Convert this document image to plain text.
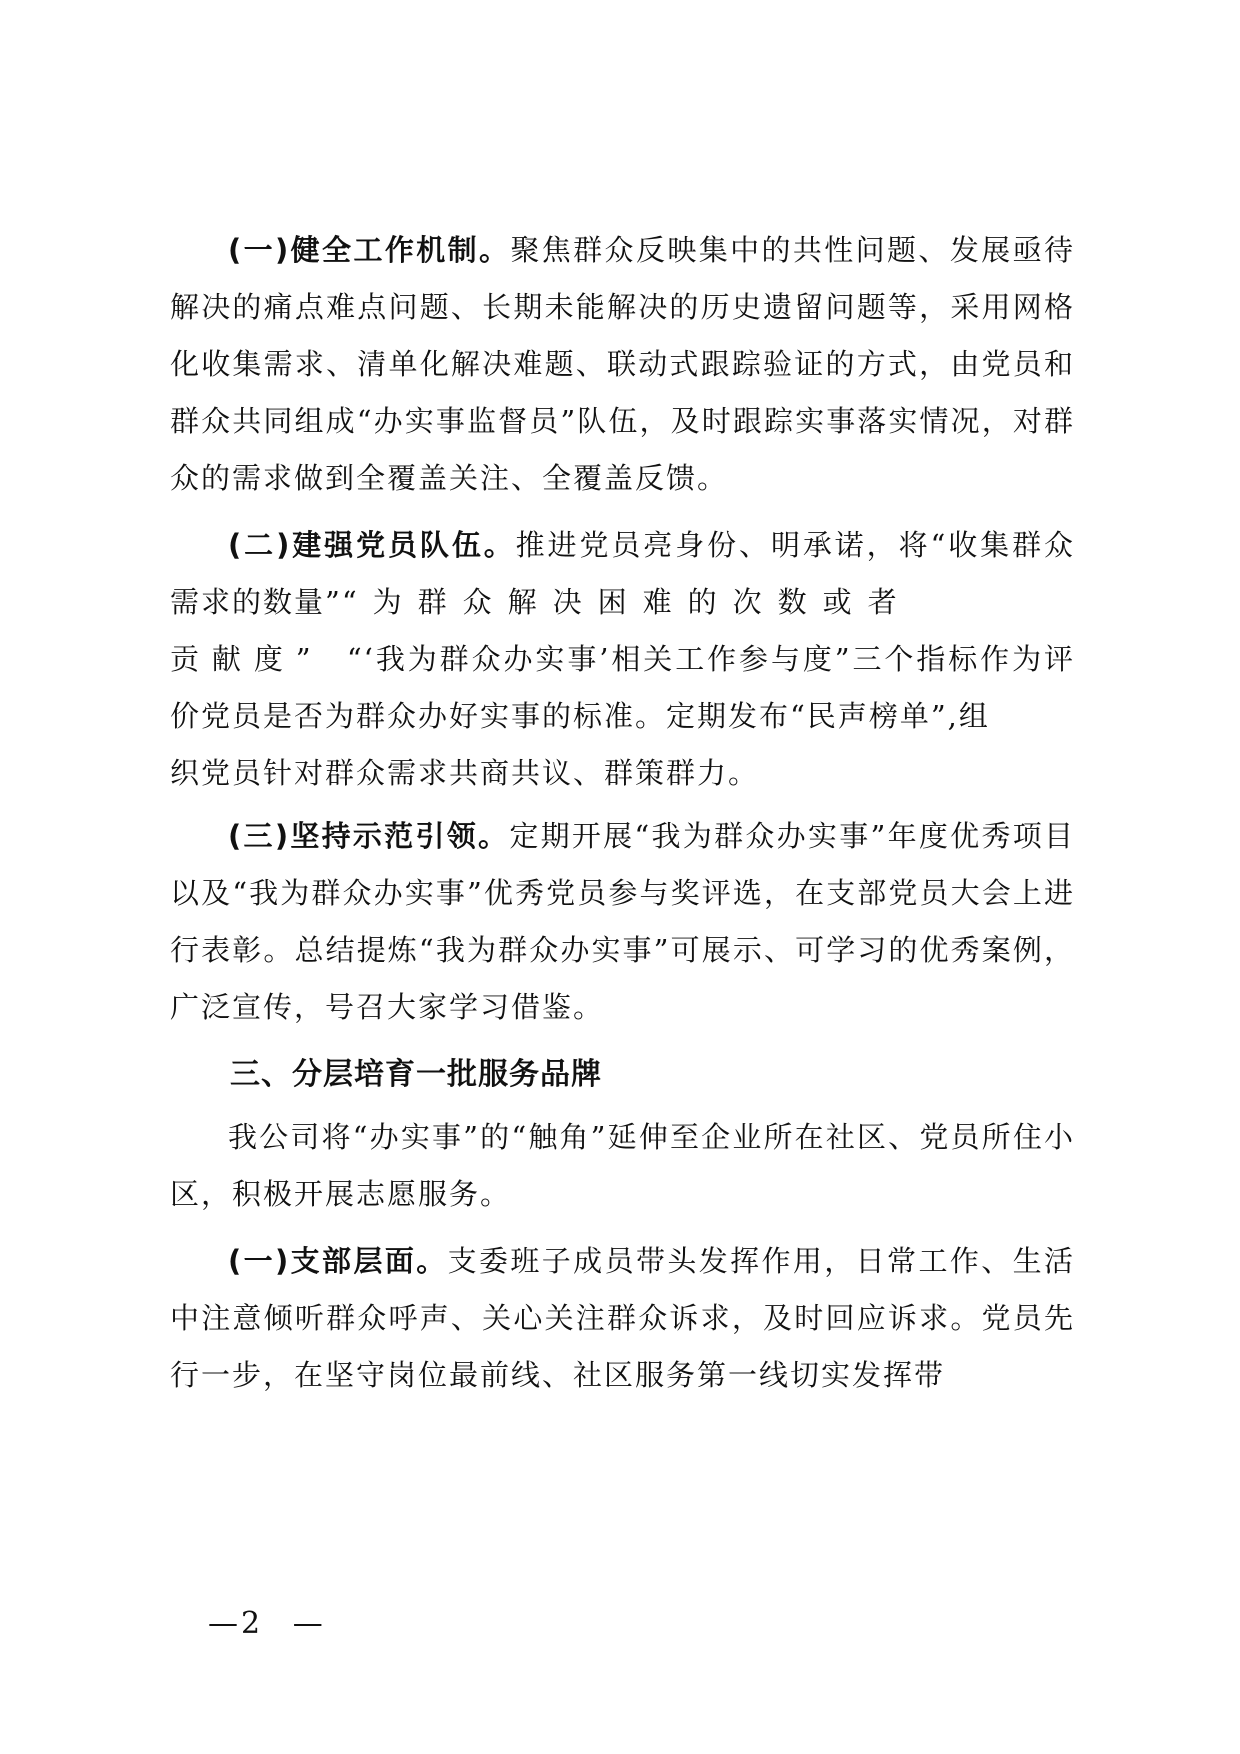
(一)健全工作机制。聚焦群众反映集中的共性问题、发展亟待解决的痛点难点问题、长期未能解决的历史遗留问题等，采用网格化收集需求、清单化解决难题、联动式跟踪验证的方式，由党员和群众共同组成“办实事监督员”队伍，及时跟踪实事落实情况，对群众的需求做到全覆盖关注、全覆盖反馈。

(二)建强党员队伍。推进党员亮身份、明承诺，将“收集群众需求的数量”“为群众解决困难的次数或者
贡献度” “‘我为群众办实事’相关工作参与度”三个指标作为评 价党员是否为群众办好实事的标准。定期发布“民声榜单”,组
织党员针对群众需求共商共议、群策群力。

(三)坚持示范引领。定期开展“我为群众办实事”年度优秀项目以及“我为群众办实事”优秀党员参与奖评选，在支部党员大会上进行表彰。总结提炼“我为群众办实事”可展示、可学习的优秀案例，广泛宣传，号召大家学习借鉴。

三、分层培育一批服务品牌

我公司将“办实事”的“触角”延伸至企业所在社区、党员所住小区，积极开展志愿服务。

(一)支部层面。支委班子成员带头发挥作用，日常工作、生活中注意倾听群众呼声、关心关注群众诉求，及时回应诉求。党员先行一步，在坚守岗位最前线、社区服务第一线切实发挥带

—2 —
